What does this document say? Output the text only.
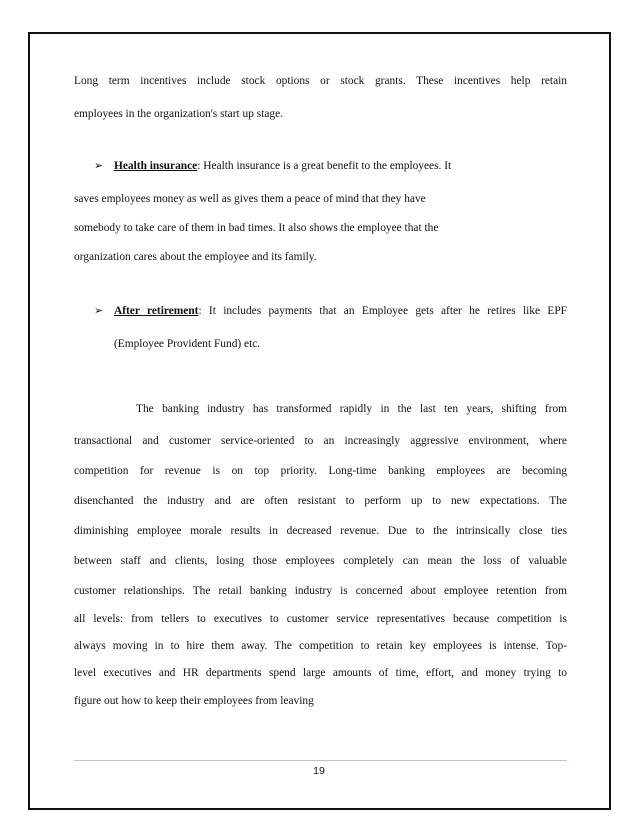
Long term incentives include stock options or stock grants. These incentives help retain
employees in the organization's start up stage.
➢ Health insurance: Health insurance is a great benefit to the employees. It
saves employees money as well as gives them a peace of mind that they have
somebody to take care of them in bad times. It also shows the employee that the
organization cares about the employee and its family.
➢ After retirement: It includes payments that an Employee gets after he retires like EPF
(Employee Provident Fund) etc.
The banking industry has transformed rapidly in the last ten years, shifting from
transactional and customer service-oriented to an increasingly aggressive environment, where
competition for revenue is on top priority. Long-time banking employees are becoming
disenchanted the industry and are often resistant to perform up to new expectations. The
diminishing employee morale results in decreased revenue. Due to the intrinsically close ties
between staff and clients, losing those employees completely can mean the loss of valuable
customer relationships. The retail banking industry is concerned about employee retention from
all levels: from tellers to executives to customer service representatives because competition is
always moving in to hire them away. The competition to retain key employees is intense. Top-
level executives and HR departments spend large amounts of time, effort, and money trying to
figure out how to keep their employees from leaving
19
